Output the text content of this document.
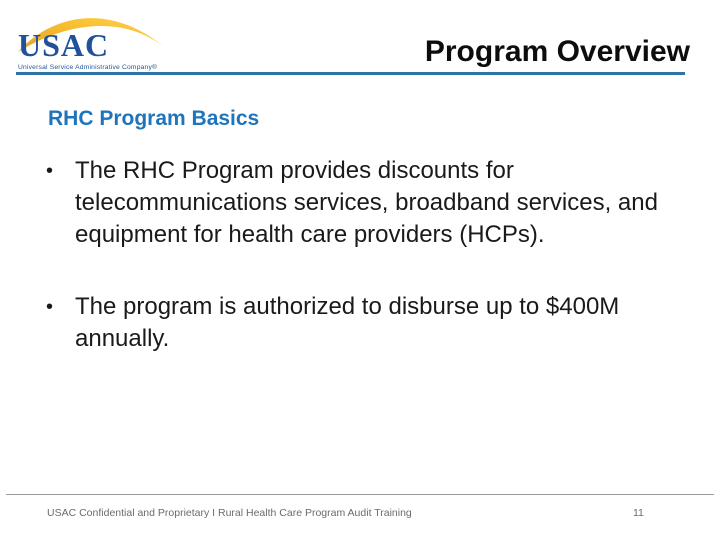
USAC
Universal Service Administrative Company®	Program Overview
RHC Program Basics
• The RHC Program provides discounts for telecommunications services, broadband services, and equipment for health care providers (HCPs).
• The program is authorized to disburse up to $400M annually.
USAC Confidential and Proprietary I Rural Health Care Program Audit Training	11
